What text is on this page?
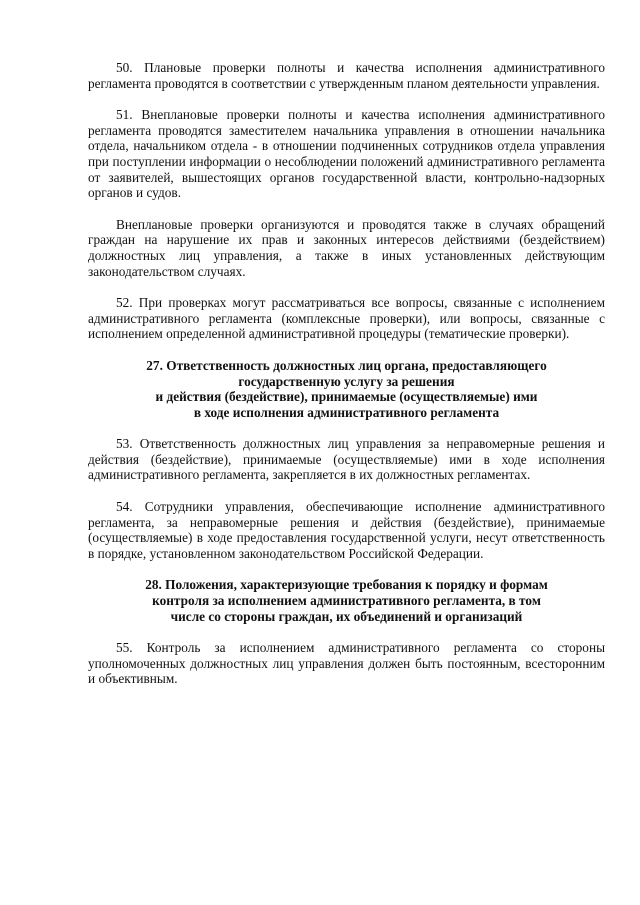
50. Плановые проверки полноты и качества исполнения административного регламента проводятся в соответствии с утвержденным планом деятельности управления.

51. Внеплановые проверки полноты и качества исполнения административного регламента проводятся заместителем начальника управления в отношении начальника отдела, начальником отдела - в отношении подчиненных сотрудников отдела управления при поступлении информации о несоблюдении положений административного регламента от заявителей, вышестоящих органов государственной власти, контрольно-надзорных органов и судов.

Внеплановые проверки организуются и проводятся также в случаях обращений граждан на нарушение их прав и законных интересов действиями (бездействием) должностных лиц управления, а также в иных установленных действующим законодательством случаях.

52. При проверках могут рассматриваться все вопросы, связанные с исполнением административного регламента (комплексные проверки), или вопросы, связанные с исполнением определенной административной процедуры (тематические проверки).

27. Ответственность должностных лиц органа, предоставляющего
государственную услугу за решения
и действия (бездействие), принимаемые (осуществляемые) ими
в ходе исполнения административного регламента

53. Ответственность должностных лиц управления за неправомерные решения и действия (бездействие), принимаемые (осуществляемые) ими в ходе исполнения административного регламента, закрепляется в их должностных регламентах.

54. Сотрудники управления, обеспечивающие исполнение административного регламента, за неправомерные решения и действия (бездействие), принимаемые (осуществляемые) в ходе предоставления государственной услуги, несут ответственность в порядке, установленном законодательством Российской Федерации.

28. Положения, характеризующие требования к порядку и формам
контроля за исполнением административного регламента, в том
числе со стороны граждан, их объединений и организаций

55. Контроль за исполнением административного регламента со стороны уполномоченных должностных лиц управления должен быть постоянным, всесторонним и объективным.
